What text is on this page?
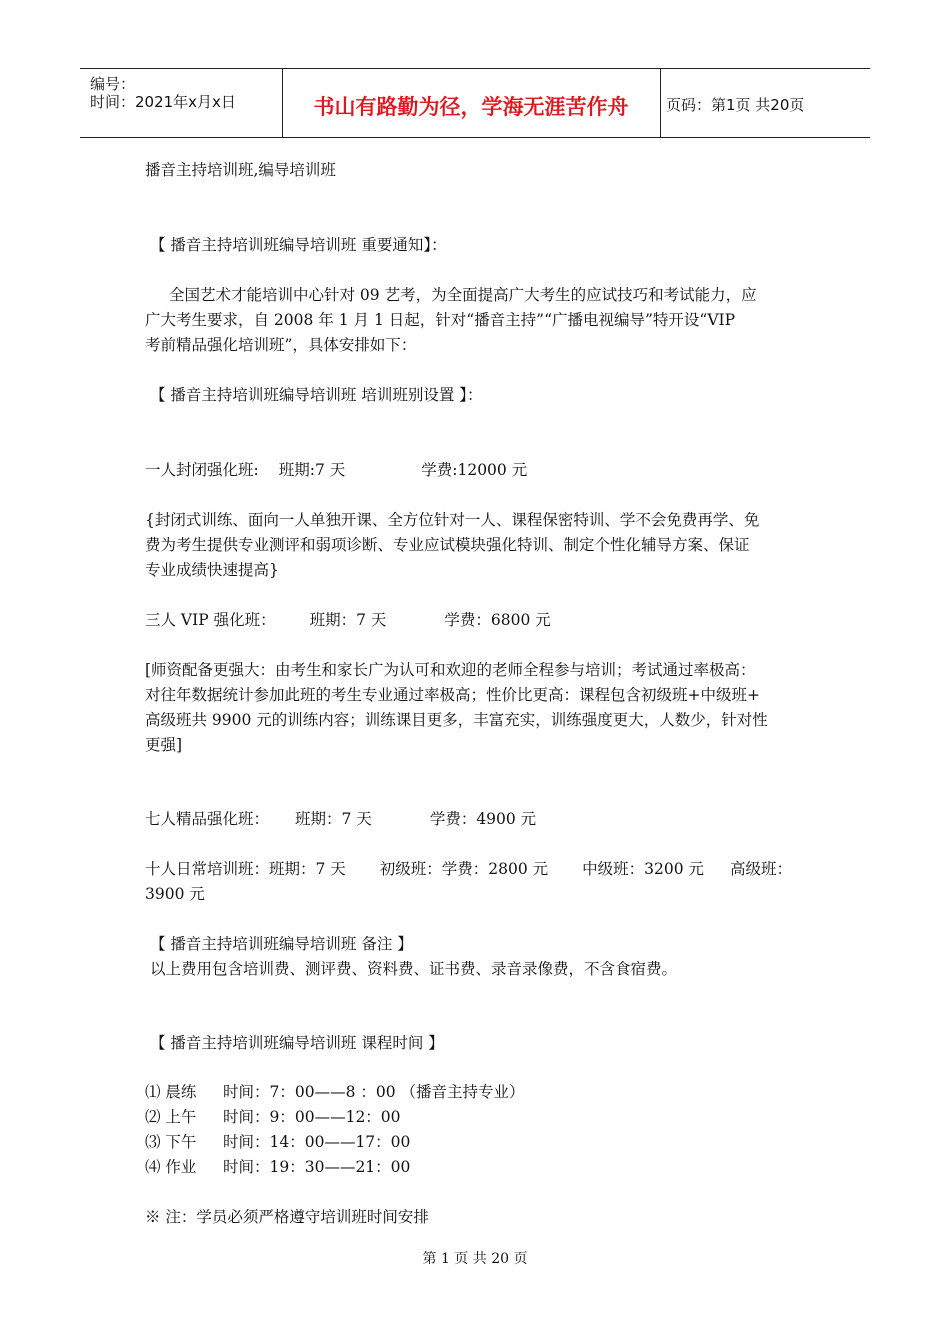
编号：
时间：2021年x月x日	书山有路勤为径，学海无涯苦作舟	页码：第1页 共20页
播音主持培训班,编导培训班
【 播音主持培训班编导培训班 重要通知】：
全国艺术才能培训中心针对 09 艺考，为全面提高广大考生的应试技巧和考试能力，应
广大考生要求，自 2008 年 1 月 1 日起，针对“播音主持”“广播电视编导”特开设“VIP
考前精品强化培训班”，具体安排如下：
【 播音主持培训班编导培训班 培训班别设置 】：
一人封闭强化班: 班期:7 天	学费:12000 元
{封闭式训练、面向一人单独开课、全方位针对一人、课程保密特训、学不会免费再学、免
费为考生提供专业测评和弱项诊断、专业应试模块强化特训、制定个性化辅导方案、保证
专业成绩快速提高}
三人 VIP 强化班： 班期：7 天	学费：6800 元
[师资配备更强大：由考生和家长广为认可和欢迎的老师全程参与培训；考试通过率极高：
对往年数据统计参加此班的考生专业通过率极高；性价比更高：课程包含初级班+中级班+
高级班共 9900 元的训练内容；训练课目更多，丰富充实，训练强度更大，人数少，针对性
更强]
七人精品强化班： 班期：7 天	学费：4900 元
十人日常培训班：班期：7 天 初级班：学费：2800 元 中级班：3200 元 高级班：
3900 元
【 播音主持培训班编导培训班 备注 】
以上费用包含培训费、测评费、资料费、证书费、录音录像费，不含食宿费。
【 播音主持培训班编导培训班 课程时间 】
⑴ 晨练 时间：7：00——8 ：00 （播音主持专业）
⑵ 上午 时间：9：00——12：00
⑶ 下午 时间：14：00——17：00
⑷ 作业 时间：19：30——21：00
※ 注：学员必须严格遵守培训班时间安排
第 1 页 共 20 页
